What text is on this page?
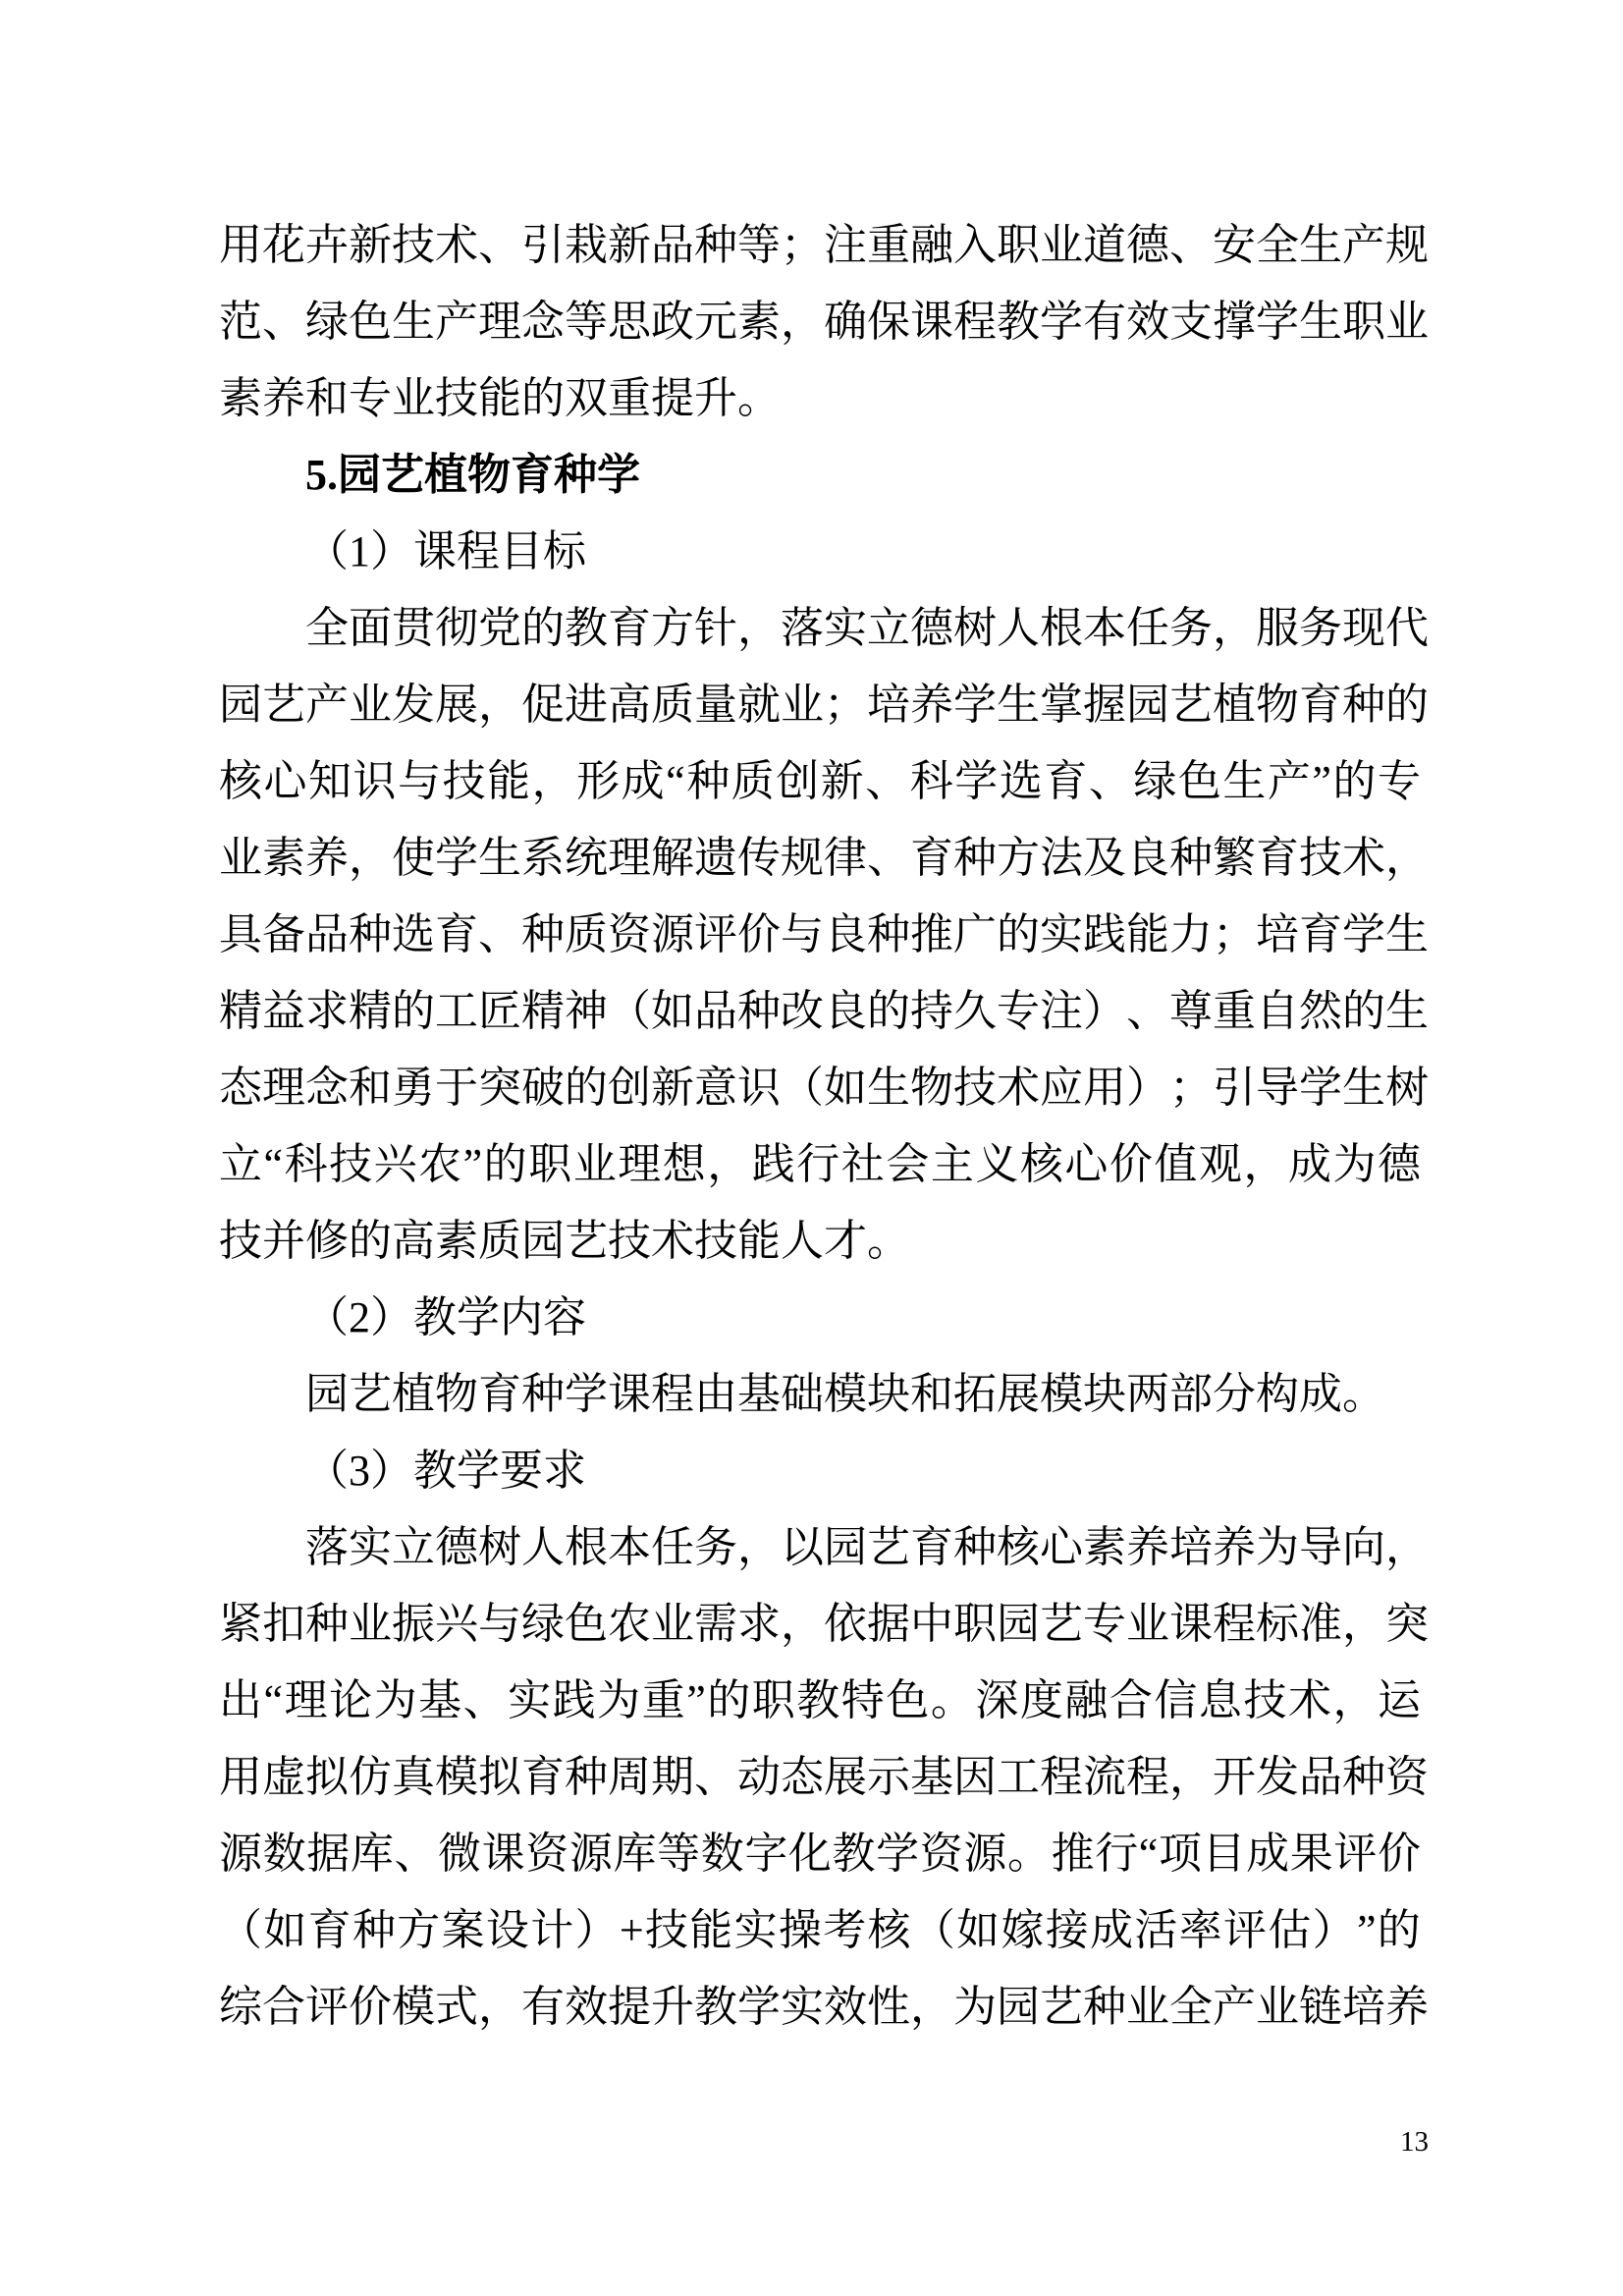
用 花 卉 新 技 术 、 引 栽 新 品 种 等 ； 注 重 融 入 职 业 道 德 、 安 全 生 产 规
范 、 绿 色 生 产 理 念 等 思 政 元 素 ， 确 保 课 程 教 学 有 效 支 撑 学 生 职 业
素养和专业技能的双重提升。
5.园艺植物育种学
（1）课程目标
全 面 贯 彻 党 的 教 育 方 针 ， 落 实 立 德 树 人 根 本 任 务 ， 服 务 现 代
园 艺 产 业 发 展 ， 促 进 高 质 量 就 业 ； 培 养 学 生 掌 握 园 艺 植 物 育 种 的
核 心 知 识 与 技 能 ， 形 成 “ 种 质 创 新 、 科 学 选 育 、 绿 色 生 产 ” 的 专
业 素 养 ， 使 学 生 系 统 理 解 遗 传 规 律 、 育 种 方 法 及 良 种 繁 育 技 术 ，
具 备 品 种 选 育 、 种 质 资 源 评 价 与 良 种 推 广 的 实 践 能 力 ； 培 育 学 生
精 益 求 精 的 工 匠 精 神 （ 如 品 种 改 良 的 持 久 专 注 ） 、 尊 重 自 然 的 生
态 理 念 和 勇 于 突 破 的 创 新 意 识 （ 如 生 物 技 术 应 用 ） ； 引 导 学 生 树
立 “ 科 技 兴 农 ” 的 职 业 理 想 ， 践 行 社 会 主 义 核 心 价 值 观 ， 成 为 德
技并修的高素质园艺技术技能人才。
（2）教学内容
园艺植物育种学课程由基础模块和拓展模块两部分构成。
（3）教学要求
落 实 立 德 树 人 根 本 任 务 ， 以 园 艺 育 种 核 心 素 养 培 养 为 导 向 ，
紧 扣 种 业 振 兴 与 绿 色 农 业 需 求 ， 依 据 中 职 园 艺 专 业 课 程 标 准 ， 突
出 “ 理 论 为 基 、 实 践 为 重 ” 的 职 教 特 色 。 深 度 融 合 信 息 技 术 ， 运
用 虚 拟 仿 真 模 拟 育 种 周 期 、 动 态 展 示 基 因 工 程 流 程 ， 开 发 品 种 资
源 数 据 库 、 微 课 资 源 库 等 数 字 化 教 学 资 源 。 推 行 “ 项 目 成 果 评 价
（ 如 育 种 方 案 设 计 ） + 技 能 实 操 考 核 （ 如 嫁 接 成 活 率 评 估 ） ” 的
综 合 评 价 模 式 ， 有 效 提 升 教 学 实 效 性 ， 为 园 艺 种 业 全 产 业 链 培 养
13
